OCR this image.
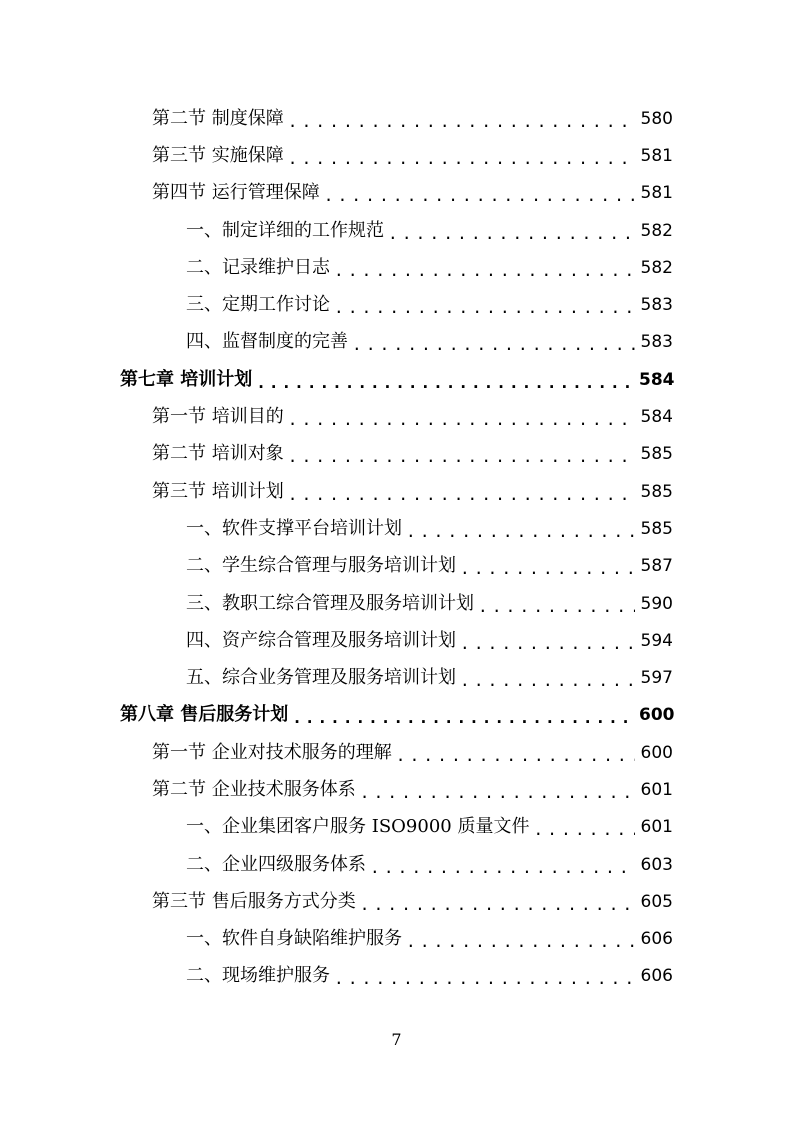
第二节 制度保障 .....	580
第三节 实施保障 .....	581
第四节 运行管理保障 .....	581
一、制定详细的工作规范 .....	582
二、记录维护日志 .....	582
三、定期工作讨论 .....	583
四、监督制度的完善 .....	583
第七章 培训计划 .....	584
第一节 培训目的 .....	584
第二节 培训对象 .....	585
第三节 培训计划 .....	585
一、软件支撑平台培训计划 .....	585
二、学生综合管理与服务培训计划 .....	587
三、教职工综合管理及服务培训计划 .....	590
四、资产综合管理及服务培训计划 .....	594
五、综合业务管理及服务培训计划 .....	597
第八章 售后服务计划 .....	600
第一节 企业对技术服务的理解 .....	600
第二节 企业技术服务体系 .....	601
一、企业集团客户服务 ISO9000 质量文件 .....	601
二、企业四级服务体系 .....	603
第三节 售后服务方式分类 .....	605
一、软件自身缺陷维护服务 .....	606
二、现场维护服务 .....	606
7
